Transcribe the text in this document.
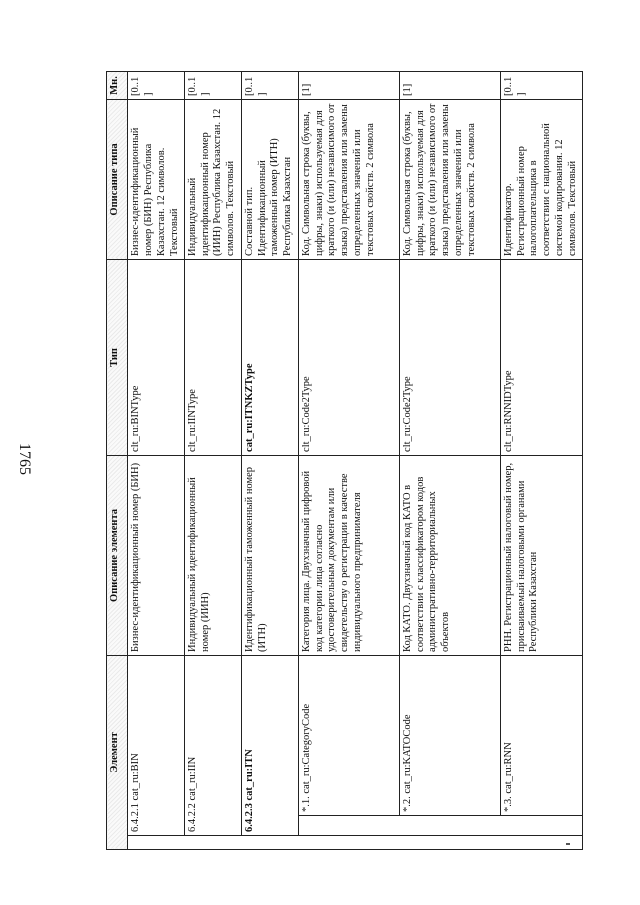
1765
Элемент			Описание элемента	Тип	Описание типа	Мн.
	6.4.2.1 cat_ru:BIN		Бизнес-идентификационный номер (БИН)	clt_ru:BINType	Бизнес-идентификационный номер (БИН) Республика Казахстан. 12 символов. Текстовый	[0..1]
	6.4.2.2 cat_ru:IIN		Индивидуальный идентификационный номер (ИИН)	clt_ru:IINType	Индивидуальный идентификационный номер (ИИН) Республика Казахстан. 12 символов. Текстовый	[0..1]
	6.4.2.3 cat_ru:ITN		Идентификационный таможенный номер (ИТН)	cat_ru:ITNKZType	Составной тип. Идентификационный таможенный номер (ИТН) Республика Казахстан	[0..1]
		*.1. cat_ru:CategoryCode	Категория лица. Двухзначный цифровой код категории лица согласно удостоверительным документам или свидетельству о регистрации в качестве индивидуального предпринимателя	clt_ru:Code2Type	Код. Символьная строка (буквы, цифры, знаки) используемая для краткого (и (или) независимого от языка) представления или замены определенных значений или текстовых свойств. 2 символа	[1]
		*.2. cat_ru:KATOCode	Код КАТО. Двухзначный код КАТО в соответствии с классификатором кодов административно-территориальных объектов	clt_ru:Code2Type	Код. Символьная строка (буквы, цифры, знаки) используемая для краткого (и (или) независимого от языка) представления или замены определенных значений или текстовых свойств. 2 символа	[1]
		*.3. cat_ru:RNN	РНН. Регистрационный налоговый номер, присваиваемый налоговыми органами Республики Казахстан	clt_ru:RNNIDType	Идентификатор. Регистрационный номер налогоплательщика в соответствии с национальной системой кодирования. 12 символов. Текстовый	[0..1]
